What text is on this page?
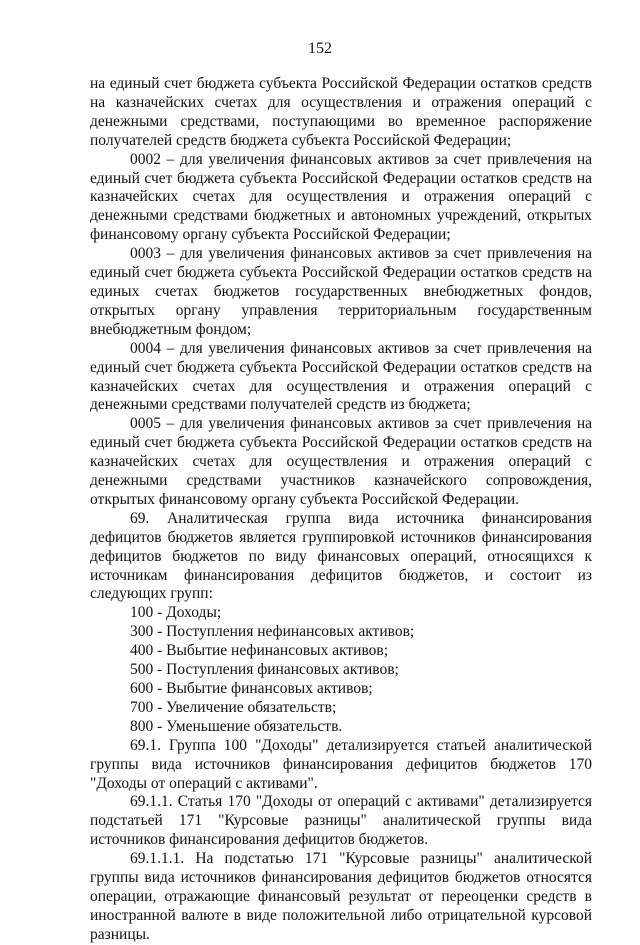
152

на единый счет бюджета субъекта Российской Федерации остатков средств на казначейских счетах для осуществления и отражения операций с денежными средствами, поступающими во временное распоряжение получателей средств бюджета субъекта Российской Федерации;

0002 – для увеличения финансовых активов за счет привлечения на единый счет бюджета субъекта Российской Федерации остатков средств на казначейских счетах для осуществления и отражения операций с денежными средствами бюджетных и автономных учреждений, открытых финансовому органу субъекта Российской Федерации;

0003 – для увеличения финансовых активов за счет привлечения на единый счет бюджета субъекта Российской Федерации остатков средств на единых счетах бюджетов государственных внебюджетных фондов, открытых органу управления территориальным государственным внебюджетным фондом;

0004 – для увеличения финансовых активов за счет привлечения на единый счет бюджета субъекта Российской Федерации остатков средств на казначейских счетах для осуществления и отражения операций с денежными средствами получателей средств из бюджета;

0005 – для увеличения финансовых активов за счет привлечения на единый счет бюджета субъекта Российской Федерации остатков средств на казначейских счетах для осуществления и отражения операций с денежными средствами участников казначейского сопровождения, открытых финансовому органу субъекта Российской Федерации.

69. Аналитическая группа вида источника финансирования дефицитов бюджетов является группировкой источников финансирования дефицитов бюджетов по виду финансовых операций, относящихся к источникам финансирования дефицитов бюджетов, и состоит из следующих групп:

100 - Доходы;

300 - Поступления нефинансовых активов;

400 - Выбытие нефинансовых активов;

500 - Поступления финансовых активов;

600 - Выбытие финансовых активов;

700 - Увеличение обязательств;

800 - Уменьшение обязательств.

69.1. Группа 100 "Доходы" детализируется статьей аналитической группы вида источников финансирования дефицитов бюджетов 170 "Доходы от операций с активами".

69.1.1. Статья 170 "Доходы от операций с активами" детализируется подстатьей 171 "Курсовые разницы" аналитической группы вида источников финансирования дефицитов бюджетов.

69.1.1.1. На подстатью 171 "Курсовые разницы" аналитической группы вида источников финансирования дефицитов бюджетов относятся операции, отражающие финансовый результат от переоценки средств в иностранной валюте в виде положительной либо отрицательной курсовой разницы.
